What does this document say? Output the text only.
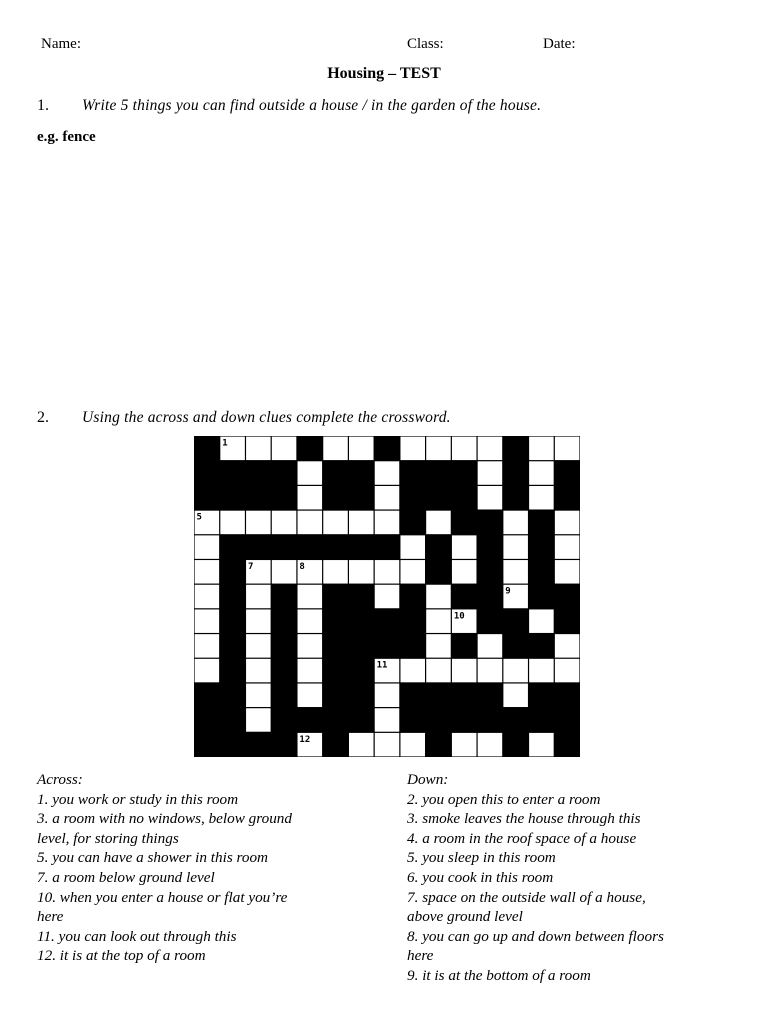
Name:	Class:	Date:
Housing – TEST
1. Write 5 things you can find outside a house / in the garden of the house.
e.g. fence
2. Using the across and down clues complete the crossword.
1	2	3	4
5	6
7	8
9
10
11
12
Across:
1. you work or study in this room
3. a room with no windows, below ground
level, for storing things
5. you can have a shower in this room
7. a room below ground level
10. when you enter a house or flat you’re
here
11. you can look out through this
12. it is at the top of a room
Down:
2. you open this to enter a room
3. smoke leaves the house through this
4. a room in the roof space of a house
5. you sleep in this room
6. you cook in this room
7. space on the outside wall of a house,
above ground level
8. you can go up and down between floors
here
9. it is at the bottom of a room
